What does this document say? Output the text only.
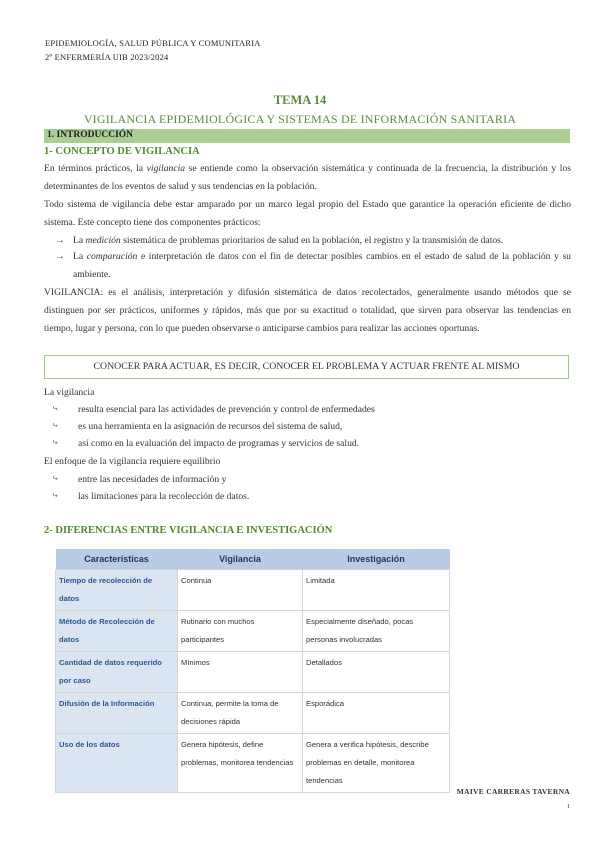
EPIDEMIOLOGÍA, SALUD PÚBLICA Y COMUNITARIA
2º ENFERMERÍA UIB 2023/2024
TEMA 14
VIGILANCIA EPIDEMIOLÓGICA Y SISTEMAS DE INFORMACIÓN SANITARIA
1. INTRODUCCIÓN
1- CONCEPTO DE VIGILANCIA
En términos prácticos, la vigilancia se entiende como la observación sistemática y continuada de la frecuencia, la distribución y los determinantes de los eventos de salud y sus tendencias en la población.
Todo sistema de vigilancia debe estar amparado por un marco legal propio del Estado que garantice la operación eficiente de dicho sistema. Este concepto tiene dos componentes prácticos:
→ La medición sistemática de problemas prioritarios de salud en la población, el registro y la transmisión de datos.
→ La comparación e interpretación de datos con el fin de detectar posibles cambios en el estado de salud de la población y su ambiente.
VIGILANCIA: es el análisis, interpretación y difusión sistemática de datos recolectados, generalmente usando métodos que se distinguen por ser prácticos, uniformes y rápidos, más que por su exactitud o totalidad, que sirven para observar las tendencias en tiempo, lugar y persona, con lo que pueden observarse o anticiparse cambios para realizar las acciones oportunas.
CONOCER PARA ACTUAR, ES DECIR, CONOCER EL PROBLEMA Y ACTUAR FRENTE AL MISMO
La vigilancia
⤷ resulta esencial para las actividades de prevención y control de enfermedades
⤷ es una herramienta en la asignación de recursos del sistema de salud,
⤷ así como en la evaluación del impacto de programas y servicios de salud.
El enfoque de la vigilancia requiere equilibrio
⤷ entre las necesidades de información y
⤷ las limitaciones para la recolección de datos.
2- DIFERENCIAS ENTRE VIGILANCIA E INVESTIGACIÓN
Características	Vigilancia	Investigación
Tiempo de recolección de datos	Continua	Limitada
Método de Recolección de datos	Rutinario con muchos participantes	Especialmente diseñado, pocas personas involucradas
Cantidad de datos requerido por caso	Mínimos	Detallados
Difusión de la Información	Continua, permite la toma de decisiones rápida	Esporádica
Uso de los datos	Genera hipótesis, define problemas, monitorea tendencias	Genera a verifica hipótesis, describe problemas en detalle, monitorea tendencias
MAIVE CARRERAS TAVERNA
1
